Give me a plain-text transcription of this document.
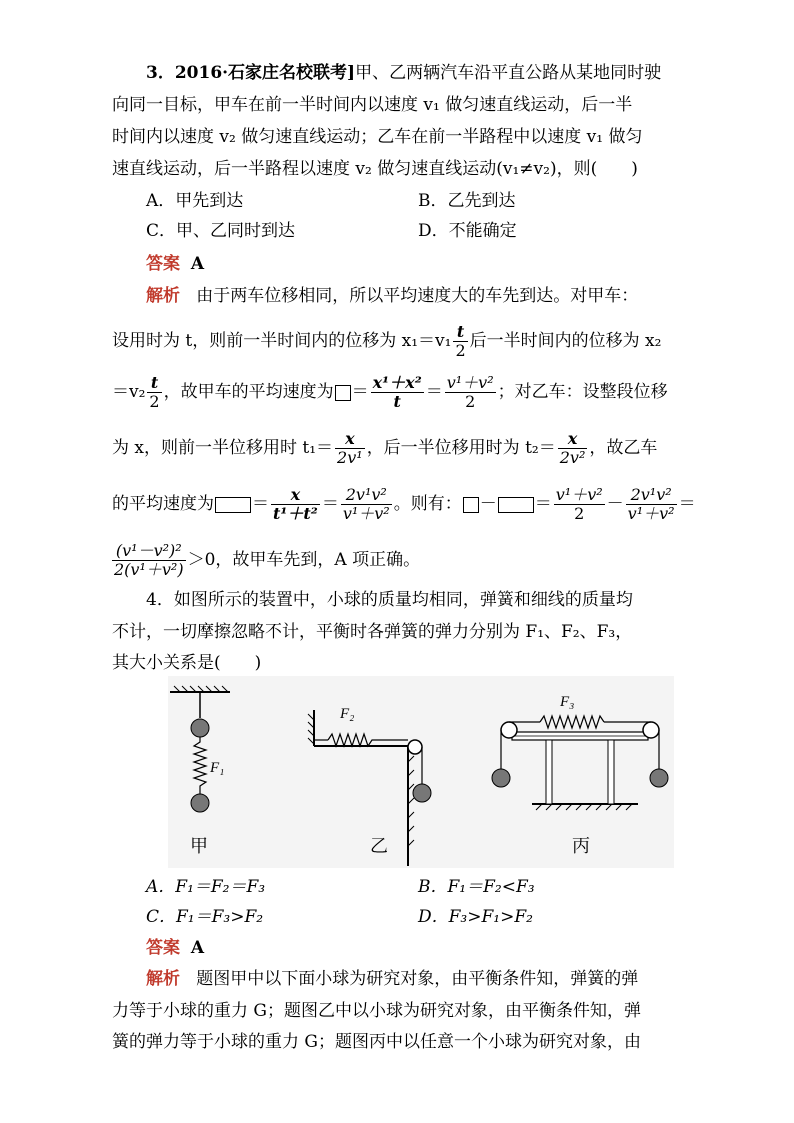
3．2016·石家庄名校联考]甲、乙两辆汽车沿平直公路从某地同时驶
向同一目标，甲车在前一半时间内以速度 v₁ 做匀速直线运动，后一半
时间内以速度 v₂ 做匀速直线运动；乙车在前一半路程中以速度 v₁ 做匀
速直线运动，后一半路程以速度 v₂ 做匀速直线运动(v₁≠v₂)，则(　　)
A．甲先到达	B．乙先到达
C．甲、乙同时到达	D．不能确定
答案 A
解析 由于两车位移相同，所以平均速度大的车先到达。对甲车：
设用时为 t，则前一半时间内的位移为 $x_1=v_1 \frac{t}{2}$ 后一半时间内的位移为 x₂
$=v_2 \frac{t}{2}$ ，故甲车的平均速度为 ＝ $\frac{\text{x¹＋x²}}{t} = \frac{\text{v¹＋v²}}{2}$ ；对乙车：设整段位移
为 x，则前一半位移用时 $t_1= \frac{x}{\text{2v¹}}$ ，后一半位移用时为 $t_2= \frac{x}{\text{2v²}}$ ，故乙车
的平均速度为 ＝ $\frac{x}{\text{t¹＋t²}} = \frac{\text{2v¹v²}}{\text{v¹＋v²}}$ 。则有： － ＝ $\frac{\text{v¹＋v²}}{2} - \frac{\text{2v¹v²}}{\text{v¹＋v²}}$ ＝
$\frac{\text{(v¹－v²)²}}{\text{2(v¹＋v²)}} >0$，故甲车先到，A 项正确。
4．如图所示的装置中，小球的质量均相同，弹簧和细线的质量均
不计，一切摩擦忽略不计，平衡时各弹簧的弹力分别为 F₁、F₂、F₃，
其大小关系是(　　)
F₁
甲
F₂
乙
F₃
丙
A．F₁＝F₂＝F₃	B．F₁＝F₂<F₃
C．F₁＝F₃>F₂	D．F₃>F₁>F₂
答案 A
解析 题图甲中以下面小球为研究对象，由平衡条件知，弹簧的弹
力等于小球的重力 G；题图乙中以小球为研究对象，由平衡条件知，弹
簧的弹力等于小球的重力 G；题图丙中以任意一个小球为研究对象，由
